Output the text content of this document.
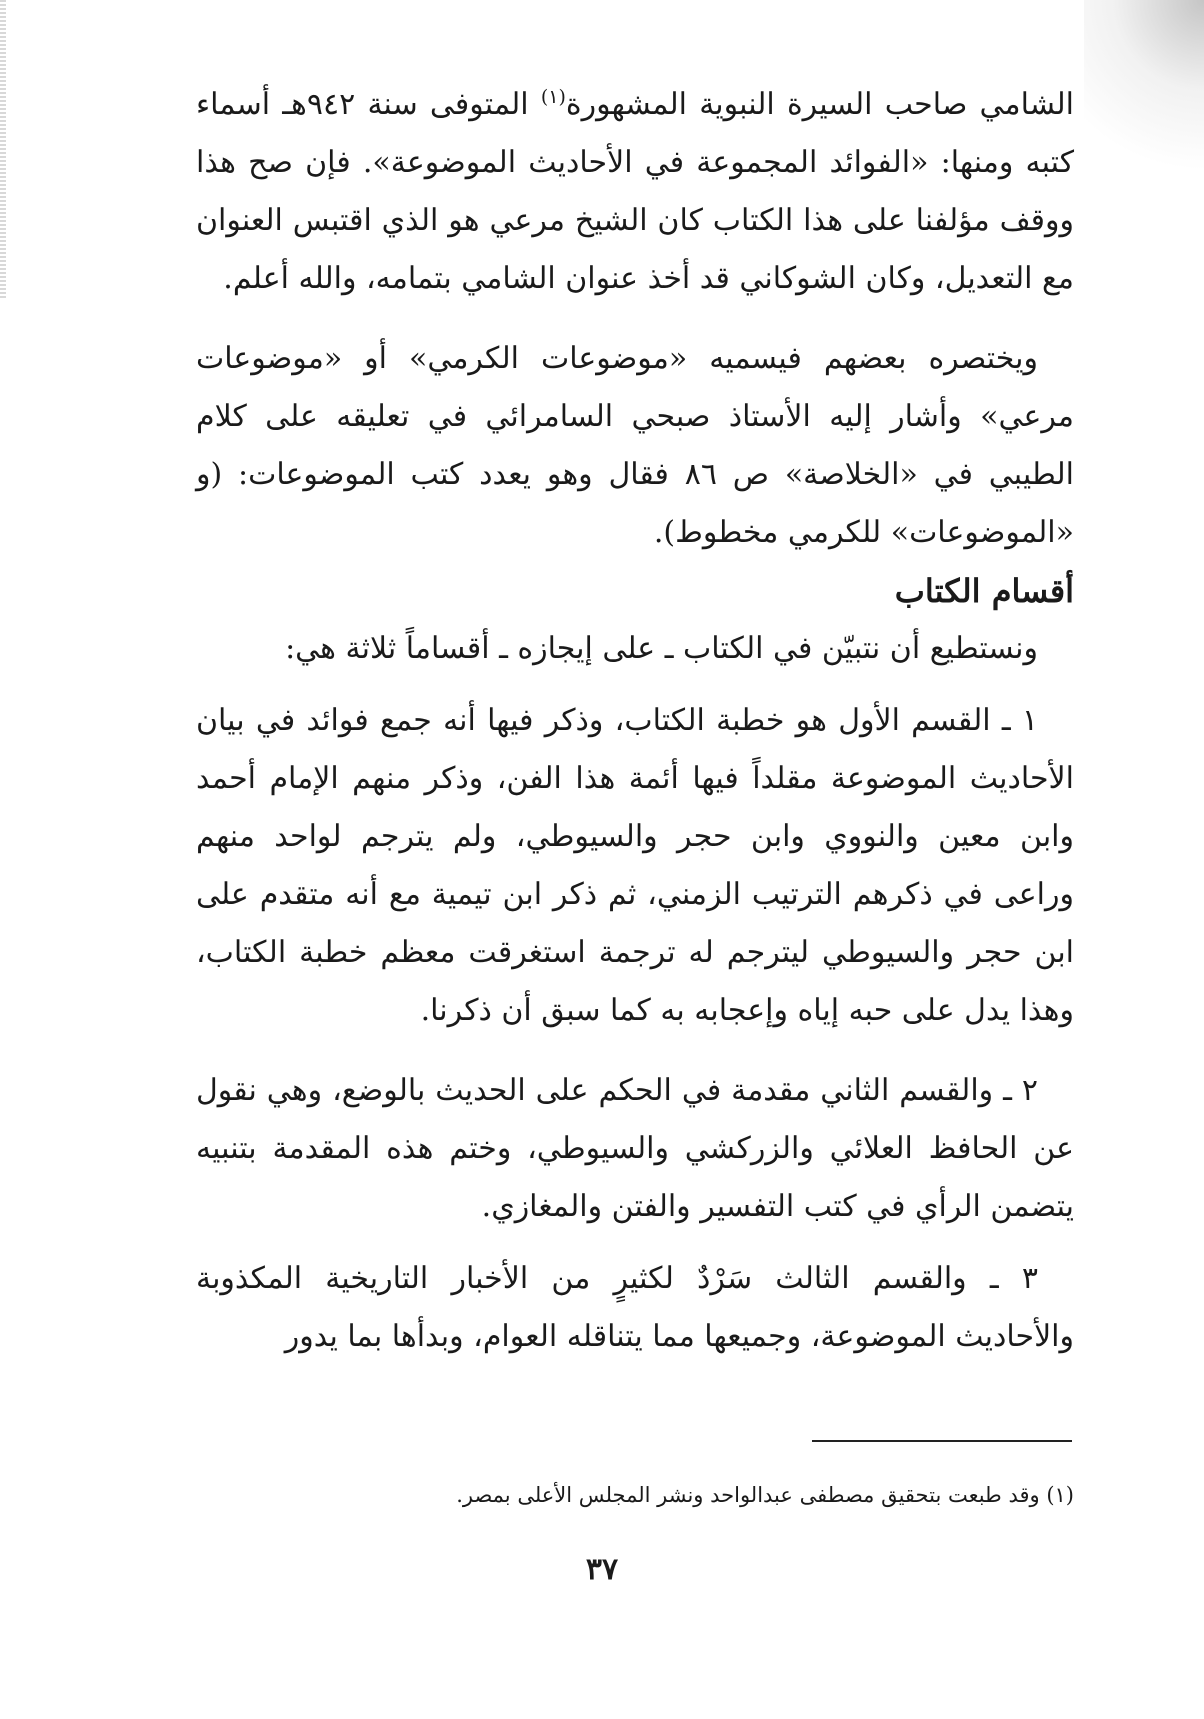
الشامي صاحب السيرة النبوية المشهورة$^{(١)}$ المتوفى سنة ٩٤٢هـ أسماء كتبه ومنها: «الفوائد المجموعة في الأحاديث الموضوعة». فإن صح هذا ووقف مؤلفنا على هذا الكتاب كان الشيخ مرعي هو الذي اقتبس العنوان مع التعديل، وكان الشوكاني قد أخذ عنوان الشامي بتمامه، والله أعلم.

ويختصره بعضهم فيسميه «موضوعات الكرمي» أو «موضوعات مرعي» وأشار إليه الأستاذ صبحي السامرائي في تعليقه على كلام الطيبي في «الخلاصة» ص ٨٦ فقال وهو يعدد كتب الموضوعات: (و «الموضوعات» للكرمي مخطوط).

أقسام الكتاب

ونستطيع أن نتبيّن في الكتاب ـ على إيجازه ـ أقساماً ثلاثة هي:

١ ـ القسم الأول هو خطبة الكتاب، وذكر فيها أنه جمع فوائد في بيان الأحاديث الموضوعة مقلداً فيها أئمة هذا الفن، وذكر منهم الإمام أحمد وابن معين والنووي وابن حجر والسيوطي، ولم يترجم لواحد منهم وراعى في ذكرهم الترتيب الزمني، ثم ذكر ابن تيمية مع أنه متقدم على ابن حجر والسيوطي ليترجم له ترجمة استغرقت معظم خطبة الكتاب، وهذا يدل على حبه إياه وإعجابه به كما سبق أن ذكرنا.

٢ ـ والقسم الثاني مقدمة في الحكم على الحديث بالوضع، وهي نقول عن الحافظ العلائي والزركشي والسيوطي، وختم هذه المقدمة بتنبيه يتضمن الرأي في كتب التفسير والفتن والمغازي.

٣ ـ والقسم الثالث سَرْدٌ لكثيرٍ من الأخبار التاريخية المكذوبة والأحاديث الموضوعة، وجميعها مما يتناقله العوام، وبدأها بما يدور

(١) وقد طبعت بتحقيق مصطفى عبدالواحد ونشر المجلس الأعلى بمصر.

٣٧
